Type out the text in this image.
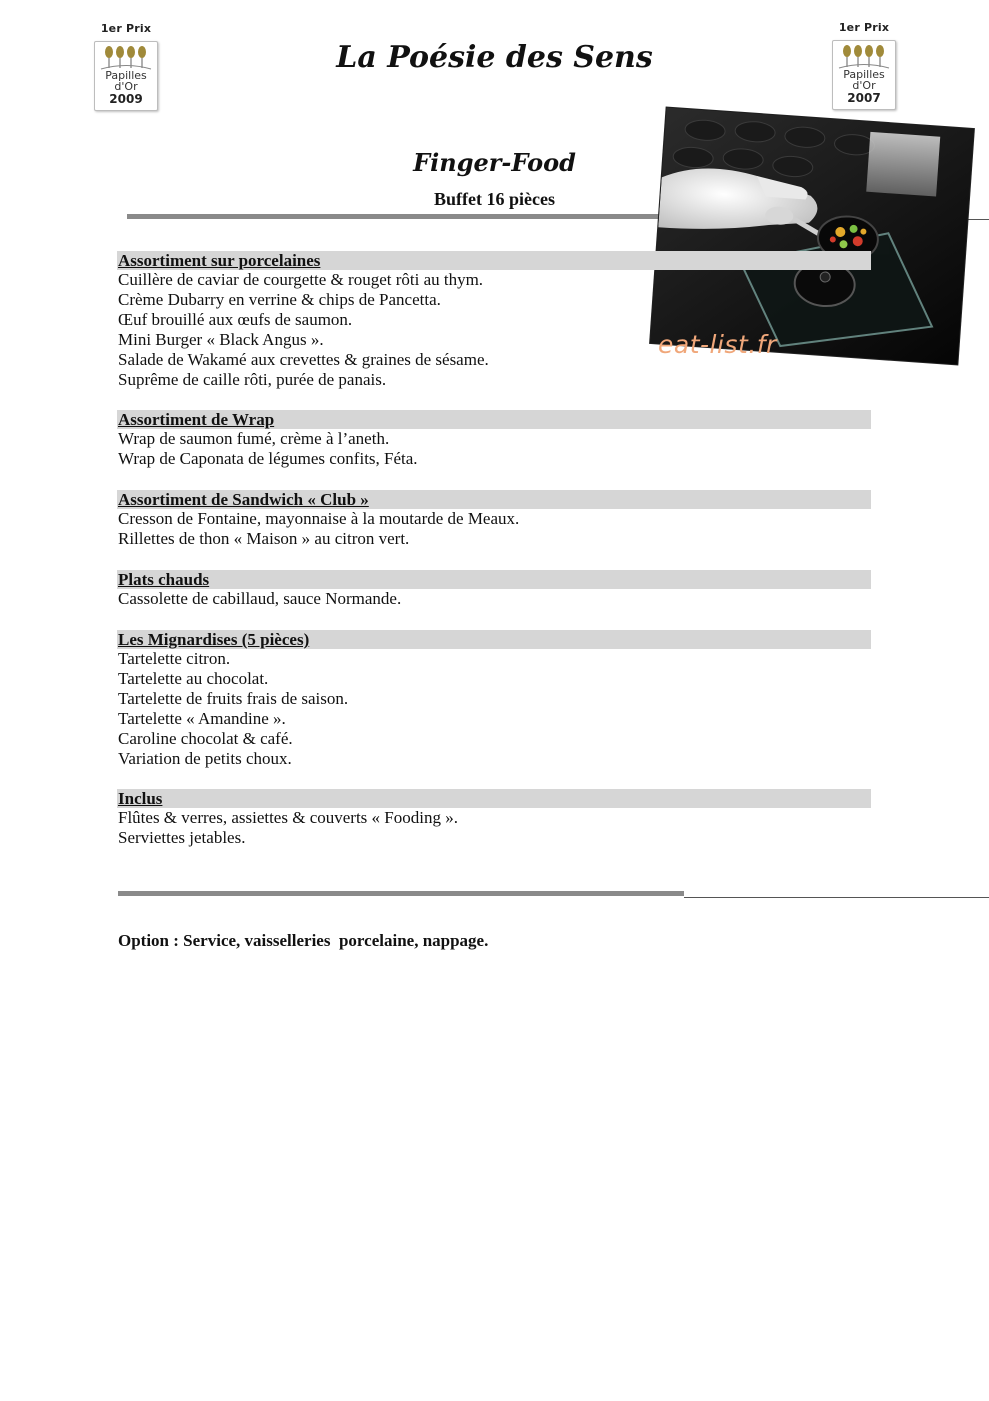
1er Prix
Papilles
d'Or
2009
1er Prix
Papilles
d'Or
2007
La Poésie des Sens
Finger-Food
Buffet 16 pièces
eat-list.fr
Assortiment sur porcelaines
Cuillère de caviar de courgette & rouget rôti au thym.
Crème Dubarry en verrine & chips de Pancetta.
Œuf brouillé aux œufs de saumon.
Mini Burger « Black Angus ».
Salade de Wakamé aux crevettes & graines de sésame.
Suprême de caille rôti, purée de panais.
Assortiment de Wrap
Wrap de saumon fumé, crème à l’aneth.
Wrap de Caponata de légumes confits, Féta.
Assortiment de Sandwich « Club »
Cresson de Fontaine, mayonnaise à la moutarde de Meaux.
Rillettes de thon « Maison » au citron vert.
Plats chauds
Cassolette de cabillaud, sauce Normande.
Les Mignardises (5 pièces)
Tartelette citron.
Tartelette au chocolat.
Tartelette de fruits frais de saison.
Tartelette « Amandine ».
Caroline chocolat & café.
Variation de petits choux.
Inclus
Flûtes & verres, assiettes & couverts « Fooding ».
Serviettes jetables.
Option : Service, vaisselleries  porcelaine, nappage.
